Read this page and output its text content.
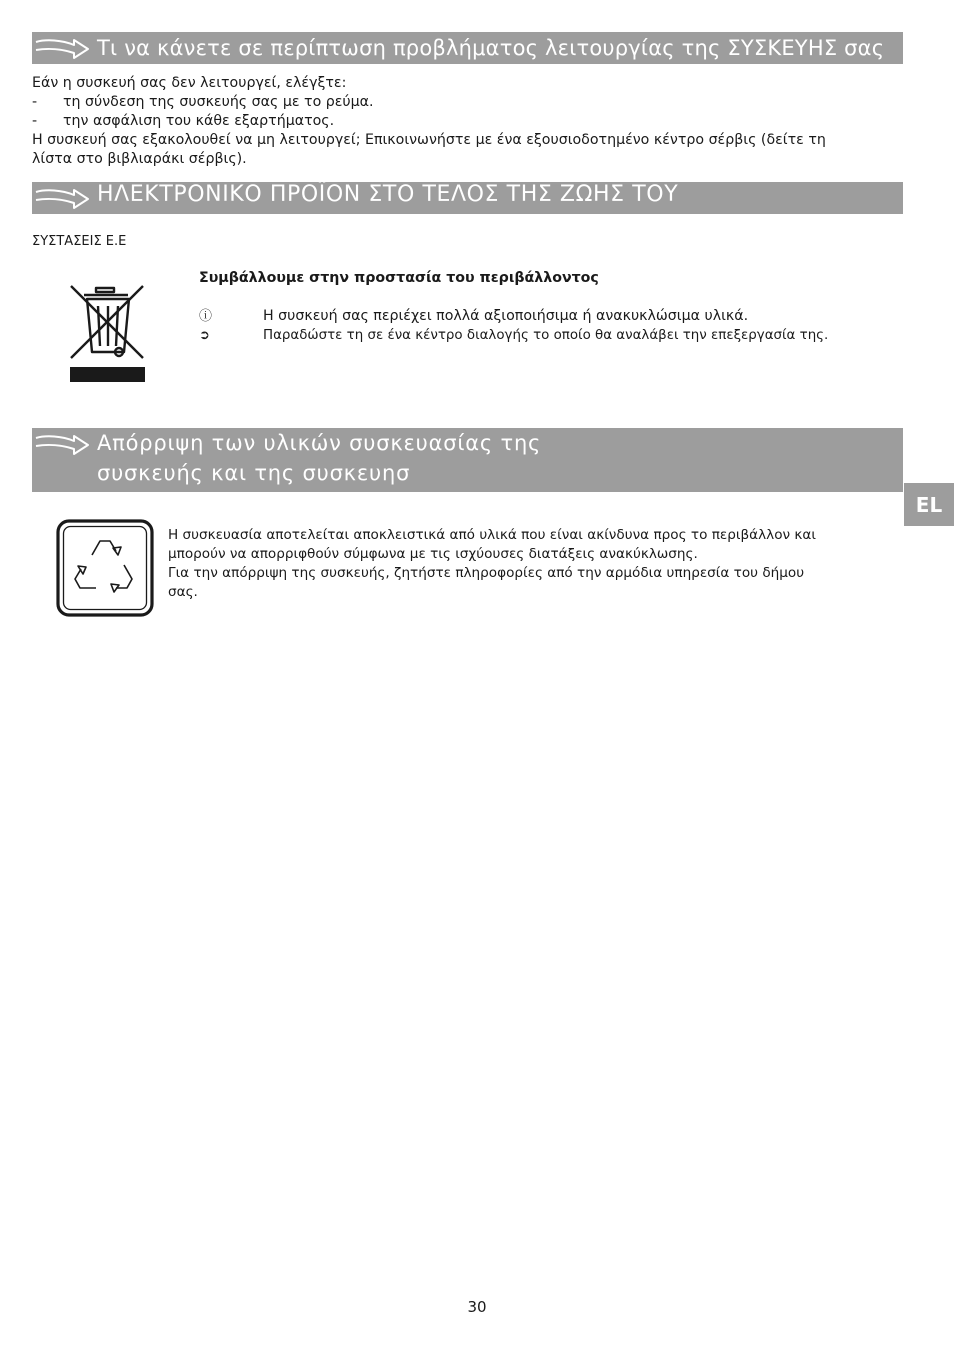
Τι να κάνετε σε περίπτωση προβλήματος λειτουργίας της ΣΥΣΚΕΥΗΣ σας
Εάν η συσκευή σας δεν λειτουργεί, ελέγξτε:
- τη σύνδεση της συσκευής σας με το ρεύμα.
- την ασφάλιση του κάθε εξαρτήματος.
Η συσκευή σας εξακολουθεί να μη λειτουργεί; Επικοινωνήστε με ένα εξουσιοδοτημένο κέντρο σέρβις (δείτε τη
λίστα στο βιβλιαράκι σέρβις).
ΗΛΕΚΤΡΟΝΙΚΟ ΠΡΟΪΟΝ ΣΤΟ ΤΕΛΟΣ ΤΗΣ ΖΩΗΣ ΤΟΥ
ΣΥΣΤΑΣΕΙΣ Ε.Ε
Συμβάλλουμε στην προστασία του περιβάλλοντος
ⓘ	Η συσκευή σας περιέχει πολλά αξιοποιήσιμα ή ανακυκλώσιμα υλικά.
➲	Παραδώστε τη σε ένα κέντρο διαλογής το οποίο θα αναλάβει την επεξεργασία της.
Απόρριψη των υλικών συσκευασίας της
συσκευής και της συσκευησ
EL
Η συσκευασία αποτελείται αποκλειστικά από υλικά που είναι ακίνδυνα προς το περιβάλλον και
μπορούν να απορριφθούν σύμφωνα με τις ισχύουσες διατάξεις ανακύκλωσης.
Για την απόρριψη της συσκευής, ζητήστε πληροφορίες από την αρμόδια υπηρεσία του δήμου
σας.
30
